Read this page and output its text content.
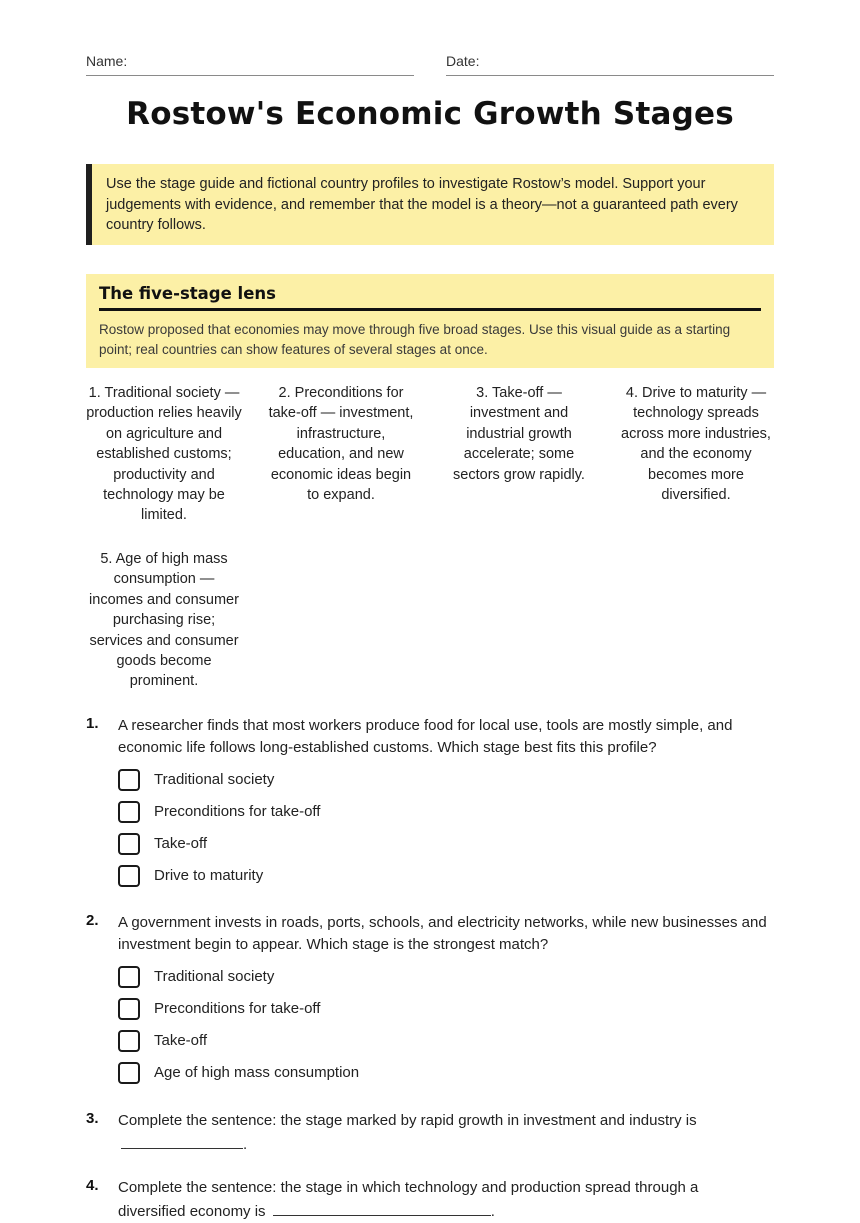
Name:	Date:
Rostow's Economic Growth Stages
Use the stage guide and fictional country profiles to investigate Rostow’s model. Support your judgements with evidence, and remember that the model is a theory—not a guaranteed path every country follows.
The five-stage lens
Rostow proposed that economies may move through five broad stages. Use this visual guide as a starting point; real countries can show features of several stages at once.
1. Traditional society — production relies heavily on agriculture and established customs; productivity and technology may be limited.
2. Preconditions for take-off — investment, infrastructure, education, and new economic ideas begin to expand.
3. Take-off — investment and industrial growth accelerate; some sectors grow rapidly.
4. Drive to maturity — technology spreads across more industries, and the economy becomes more diversified.
5. Age of high mass consumption — incomes and consumer purchasing rise; services and consumer goods become prominent.
1. A researcher finds that most workers produce food for local use, tools are mostly simple, and economic life follows long-established customs. Which stage best fits this profile?
Traditional society
Preconditions for take-off
Take-off
Drive to maturity
2. A government invests in roads, ports, schools, and electricity networks, while new businesses and investment begin to appear. Which stage is the strongest match?
Traditional society
Preconditions for take-off
Take-off
Age of high mass consumption
3. Complete the sentence: the stage marked by rapid growth in investment and industry is .
4. Complete the sentence: the stage in which technology and production spread through a diversified economy is	.
